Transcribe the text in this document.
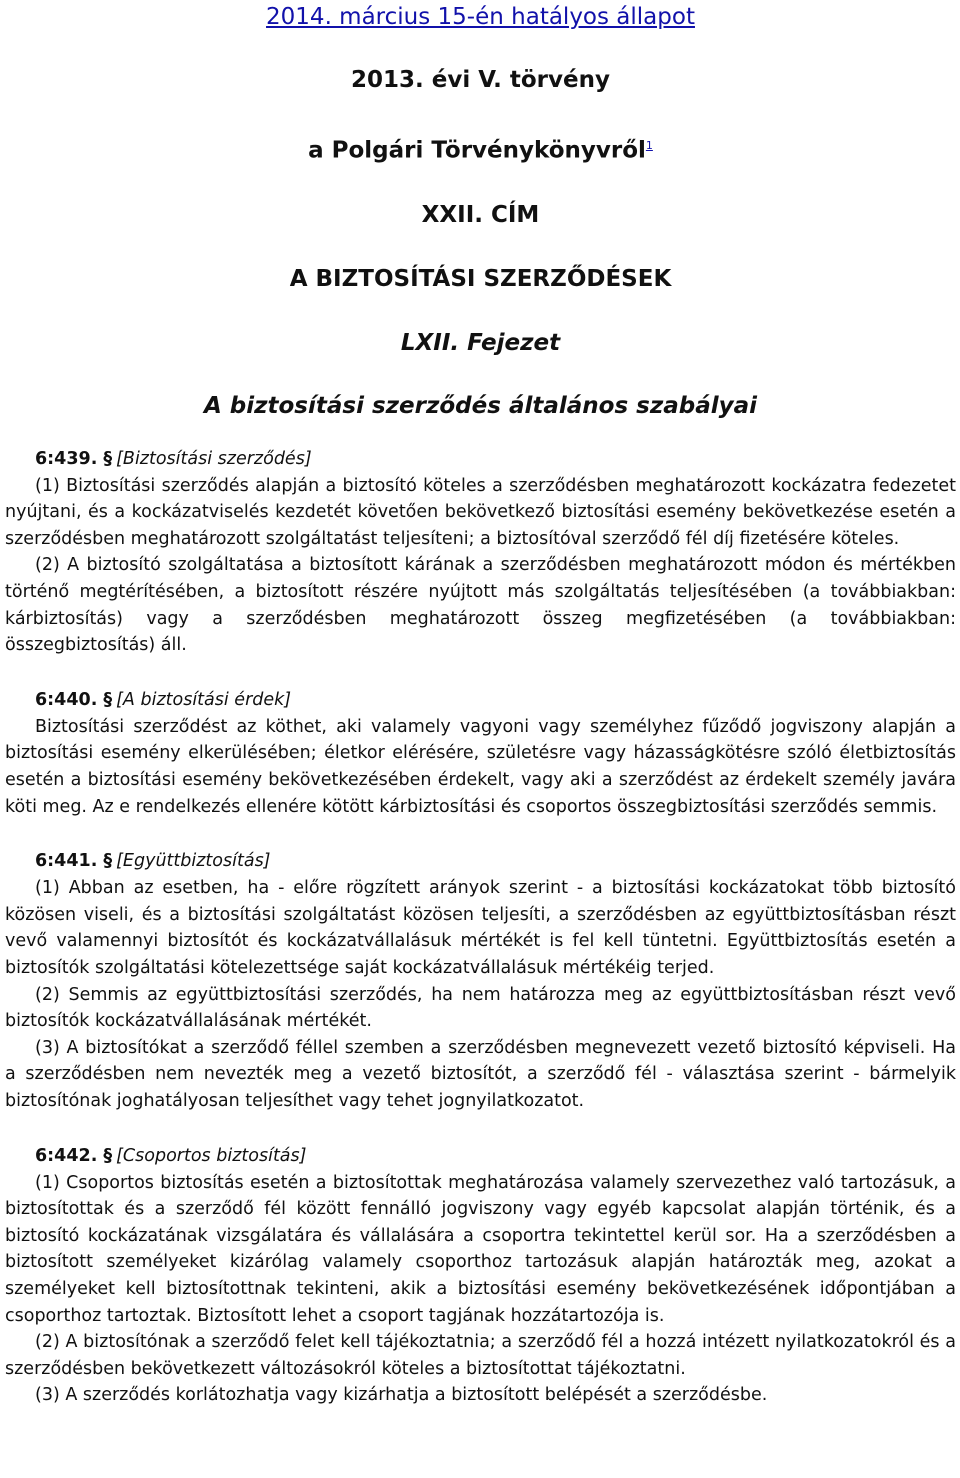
2014. március 15-én hatályos állapot

2013. évi V. törvény

a Polgári Törvénykönyvről$^1$

XXII. CÍM

A BIZTOSÍTÁSI SZERZŐDÉSEK

LXII. Fejezet

A biztosítási szerződés általános szabályai

6:439. § [Biztosítási szerződés]

(1) Biztosítási szerződés alapján a biztosító köteles a szerződésben meghatározott kockázatra fedezetet nyújtani, és a kockázatviselés kezdetét követően bekövetkező biztosítási esemény bekövetkezése esetén a szerződésben meghatározott szolgáltatást teljesíteni; a biztosítóval szerződő fél díj fizetésére köteles.

(2) A biztosító szolgáltatása a biztosított kárának a szerződésben meghatározott módon és mértékben történő megtérítésében, a biztosított részére nyújtott más szolgáltatás teljesítésében (a továbbiakban: kárbiztosítás) vagy a szerződésben meghatározott összeg megfizetésében (a továbbiakban: összegbiztosítás) áll.

6:440. § [A biztosítási érdek]

Biztosítási szerződést az köthet, aki valamely vagyoni vagy személyhez fűződő jogviszony alapján a biztosítási esemény elkerülésében; életkor elérésére, születésre vagy házasságkötésre szóló életbiztosítás esetén a biztosítási esemény bekövetkezésében érdekelt, vagy aki a szerződést az érdekelt személy javára köti meg. Az e rendelkezés ellenére kötött kárbiztosítási és csoportos összegbiztosítási szerződés semmis.

6:441. § [Együttbiztosítás]

(1) Abban az esetben, ha - előre rögzített arányok szerint - a biztosítási kockázatokat több biztosító közösen viseli, és a biztosítási szolgáltatást közösen teljesíti, a szerződésben az együttbiztosításban részt vevő valamennyi biztosítót és kockázatvállalásuk mértékét is fel kell tüntetni. Együttbiztosítás esetén a biztosítók szolgáltatási kötelezettsége saját kockázatvállalásuk mértékéig terjed.

(2) Semmis az együttbiztosítási szerződés, ha nem határozza meg az együttbiztosításban részt vevő biztosítók kockázatvállalásának mértékét.

(3) A biztosítókat a szerződő féllel szemben a szerződésben megnevezett vezető biztosító képviseli. Ha a szerződésben nem nevezték meg a vezető biztosítót, a szerződő fél - választása szerint - bármelyik biztosítónak joghatályosan teljesíthet vagy tehet jognyilatkozatot.

6:442. § [Csoportos biztosítás]

(1) Csoportos biztosítás esetén a biztosítottak meghatározása valamely szervezethez való tartozásuk, a biztosítottak és a szerződő fél között fennálló jogviszony vagy egyéb kapcsolat alapján történik, és a biztosító kockázatának vizsgálatára és vállalására a csoportra tekintettel kerül sor. Ha a szerződésben a biztosított személyeket kizárólag valamely csoporthoz tartozásuk alapján határozták meg, azokat a személyeket kell biztosítottnak tekinteni, akik a biztosítási esemény bekövetkezésének időpontjában a csoporthoz tartoztak. Biztosított lehet a csoport tagjának hozzátartozója is.

(2) A biztosítónak a szerződő felet kell tájékoztatnia; a szerződő fél a hozzá intézett nyilatkozatokról és a szerződésben bekövetkezett változásokról köteles a biztosítottat tájékoztatni.

(3) A szerződés korlátozhatja vagy kizárhatja a biztosított belépését a szerződésbe.
